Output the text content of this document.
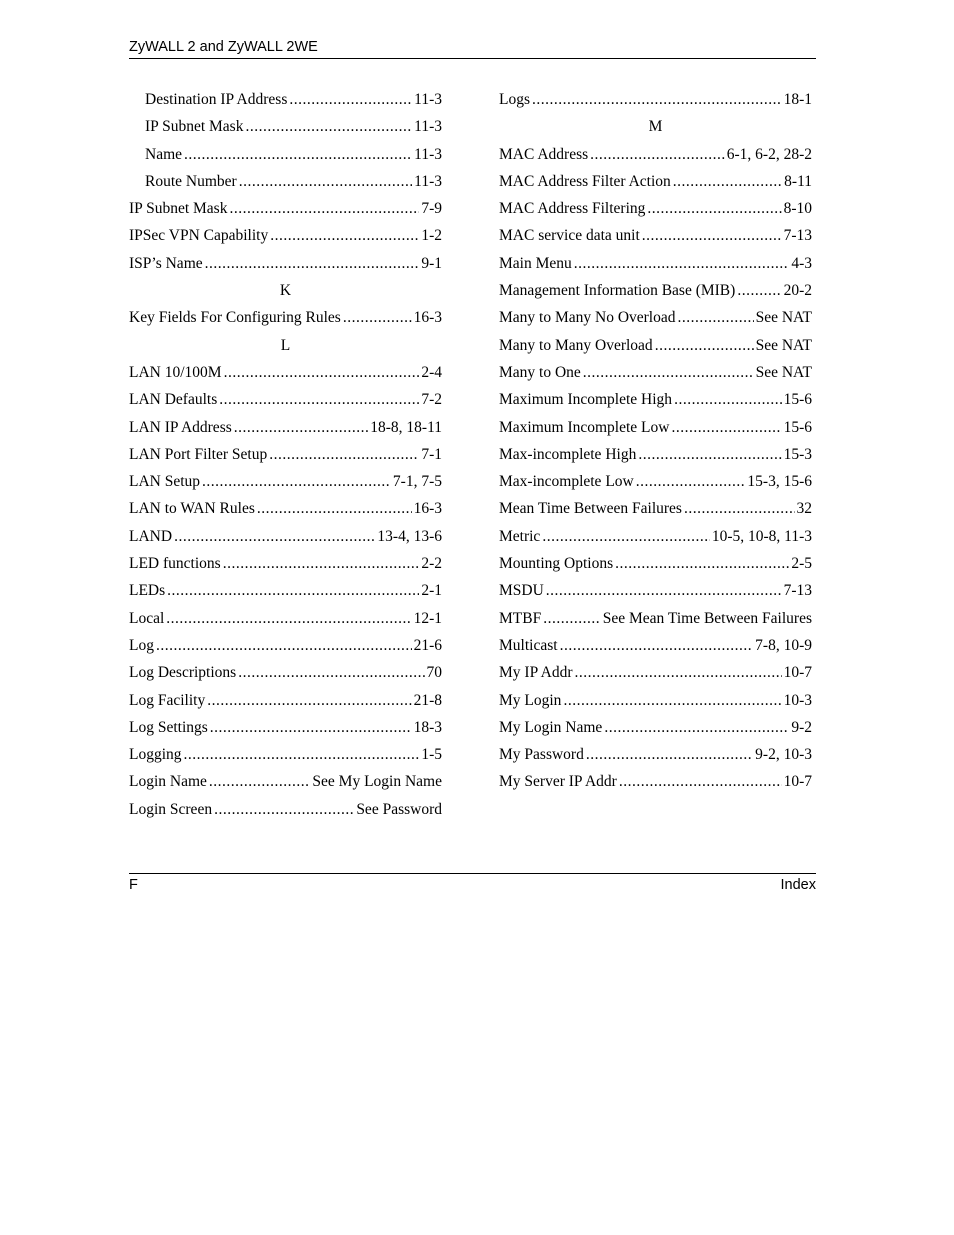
ZyWALL 2 and ZyWALL 2WE
Destination IP Address .....	11-3
IP Subnet Mask .....	11-3
Name .....	11-3
Route Number .....	11-3
IP Subnet Mask .....	7-9
IPSec VPN Capability .....	1-2
ISP’s Name .....	9-1
K
Key Fields For Configuring Rules .....	16-3
L
LAN 10/100M .....	2-4
LAN Defaults .....	7-2
LAN IP Address .....	18-8, 18-11
LAN Port Filter Setup .....	7-1
LAN Setup .....	7-1, 7-5
LAN to WAN Rules .....	16-3
LAND .....	13-4, 13-6
LED functions .....	2-2
LEDs .....	2-1
Local .....	12-1
Log .....	21-6
Log Descriptions .....	70
Log Facility .....	21-8
Log Settings .....	18-3
Logging .....	1-5
Login Name .....	See My Login Name
Login Screen .....	See Password
Logs .....	18-1
M
MAC Address .....	6-1, 6-2, 28-2
MAC Address Filter Action .....	8-11
MAC Address Filtering .....	8-10
MAC service data unit .....	7-13
Main Menu .....	4-3
Management Information Base (MIB) .....	20-2
Many to Many No Overload .....	See NAT
Many to Many Overload .....	See NAT
Many to One .....	See NAT
Maximum Incomplete High .....	15-6
Maximum Incomplete Low .....	15-6
Max-incomplete High .....	15-3
Max-incomplete Low .....	15-3, 15-6
Mean Time Between Failures .....	32
Metric .....	10-5, 10-8, 11-3
Mounting Options .....	2-5
MSDU .....	7-13
MTBF .....	See Mean Time Between Failures
Multicast .....	7-8, 10-9
My IP Addr .....	10-7
My Login .....	10-3
My Login Name .....	9-2
My Password .....	9-2, 10-3
My Server IP Addr .....	10-7
F	Index
